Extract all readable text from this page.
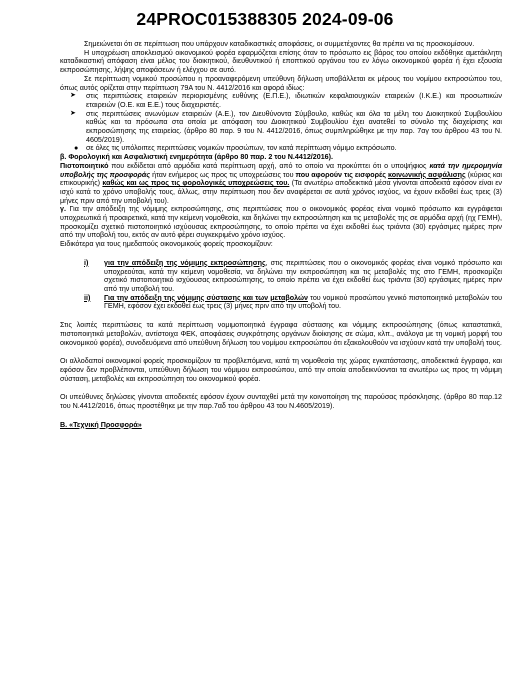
24PROC015388305 2024-09-06

Σημειώνεται ότι σε περίπτωση που υπάρχουν καταδικαστικές αποφάσεις, οι συμμετέχοντες θα πρέπει να τις προσκομίσουν.

Η υποχρέωση αποκλεισμού οικονομικού φορέα εφαρμόζεται επίσης όταν το πρόσωπο εις βάρος του οποίου εκδόθηκε αμετάκλητη καταδικαστική απόφαση είναι μέλος του διοικητικού, διευθυντικού ή εποπτικού οργάνου του εν λόγω οικονομικού φορέα ή έχει εξουσία εκπροσώπησης, λήψης αποφάσεων ή ελέγχου σε αυτό.

Σε περίπτωση νομικού προσώπου η προαναφερόμενη υπεύθυνη δήλωση υποβάλλεται εκ μέρους του νομίμου εκπροσώπου του, όπως αυτός ορίζεται στην περίπτωση 79Α του Ν. 4412/2016 και αφορά ιδίως:

➤ στις περιπτώσεις εταιρειών περιορισμένης ευθύνης (Ε.Π.Ε.), ιδιωτικών κεφαλαιουχικών εταιρειών (Ι.Κ.Ε.) και προσωπικών εταιρειών (Ο.Ε. και Ε.Ε.) τους διαχειριστές.

➤ στις περιπτώσεις ανωνύμων εταιρειών (Α.Ε.), τον Διευθύνοντα Σύμβουλο, καθώς και όλα τα μέλη του Διοικητικού Συμβουλίου καθώς και τα πρόσωπα στα οποία με απόφαση του Διοικητικού Συμβουλίου έχει ανατεθεί το σύνολο της διαχείρισης και εκπροσώπησης της εταιρείας. (άρθρο 80 παρ. 9 του Ν. 4412/2016, όπως συμπληρώθηκε με την παρ. 7αγ του άρθρου 43 του Ν. 4605/2019).

● σε όλες τις υπόλοιπες περιπτώσεις νομικών προσώπων, τον κατά περίπτωση νόμιμο εκπρόσωπο.

β. Φορολογική και Ασφαλιστική ενημερότητα (άρθρο 80 παρ. 2 του Ν.4412/2016).

Πιστοποιητικό που εκδίδεται από αρμόδια κατά περίπτωση αρχή, από το οποίο να προκύπτει ότι ο υποψήφιος κατά την ημερομηνία υποβολής της προσφοράς ήταν ενήμερος ως προς τις υποχρεώσεις του που αφορούν τις εισφορές κοινωνικής ασφάλισης (κύριας και επικουρικής) καθώς και ως προς τις φορολογικές υποχρεώσεις του. (Τα ανωτέρω αποδεικτικά μέσα γίνονται αποδεκτά εφόσον είναι εν ισχύ κατά το χρόνο υποβολής τους, άλλως, στην περίπτωση που δεν αναφέρεται σε αυτά χρόνος ισχύος, να έχουν εκδοθεί έως τρεις (3) μήνες πριν από την υποβολή του).

γ. Για την απόδειξη της νόμιμης εκπροσώπησης, στις περιπτώσεις που ο οικονομικός φορέας είναι νομικό πρόσωπο και εγγράφεται υποχρεωτικά ή προαιρετικά, κατά την κείμενη νομοθεσία, και δηλώνει την εκπροσώπηση και τις μεταβολές της σε αρμόδια αρχή (ηχ ΓΕΜΗ), προσκομίζει σχετικό πιστοποιητικό ισχύουσας εκπροσώπησης, το οποίο πρέπει να έχει εκδοθεί έως τριάντα (30) εργάσιμες ημέρες πριν από την υποβολή του, εκτός αν αυτό φέρει συγκεκριμένο χρόνο ισχύος.

Ειδικότερα για τους ημεδαπούς οικονομικούς φορείς προσκομίζουν:

i) για την απόδειξη της νόμιμης εκπροσώπησης, στις περιπτώσεις που ο οικονομικός φορέας είναι νομικό πρόσωπο και υποχρεούται, κατά την κείμενη νομοθεσία, να δηλώνει την εκπροσώπηση και τις μεταβολές της στο ΓΕΜΗ, προσκομίζει σχετικό πιστοποιητικό ισχύουσας εκπροσώπησης, το οποίο πρέπει να έχει εκδοθεί έως τριάντα (30) εργάσιμες ημέρες πριν από την υποβολή του.

ii) Για την απόδειξη της νόμιμης σύστασης και των μεταβολών του νομικού προσώπου γενικό πιστοποιητικό μεταβολών του ΓΕΜΗ, εφόσον έχει εκδοθεί έως τρεις (3) μήνες πριν από την υποβολή του.

Στις λοιπές περιπτώσεις τα κατά περίπτωση νομιμοποιητικά έγγραφα σύστασης και νόμιμης εκπροσώπησης (όπως καταστατικά, πιστοποιητικά μεταβολών, αντίστοιχα ΦΕΚ, αποφάσεις συγκρότησης οργάνων διοίκησης σε σώμα, κλπ., ανάλογα με τη νομική μορφή του οικονομικού φορέα), συνοδευόμενα από υπεύθυνη δήλωση του νομίμου εκπροσώπου ότι εξακολουθούν να ισχύουν κατά την υποβολή τους.

Οι αλλοδαποί οικονομικοί φορείς προσκομίζουν τα προβλεπόμενα, κατά τη νομοθεσία της χώρας εγκατάστασης, αποδεικτικά έγγραφα, και εφόσον δεν προβλέπονται, υπεύθυνη δήλωση του νόμιμου εκπροσώπου, από την οποία αποδεικνύονται τα ανωτέρω ως προς τη νόμιμη σύσταση, μεταβολές και εκπροσώπηση του οικονομικού φορέα.

Οι υπεύθυνες δηλώσεις γίνονται αποδεκτές εφόσον έχουν συνταχθεί μετά την κοινοποίηση της παρούσας πρόσκλησης. (άρθρο 80 παρ.12 του Ν.4412/2016, όπως προστέθηκε με την παρ.7αδ του άρθρου 43 του Ν.4605/2019).

Β. «Τεχνική Προσφορά»
